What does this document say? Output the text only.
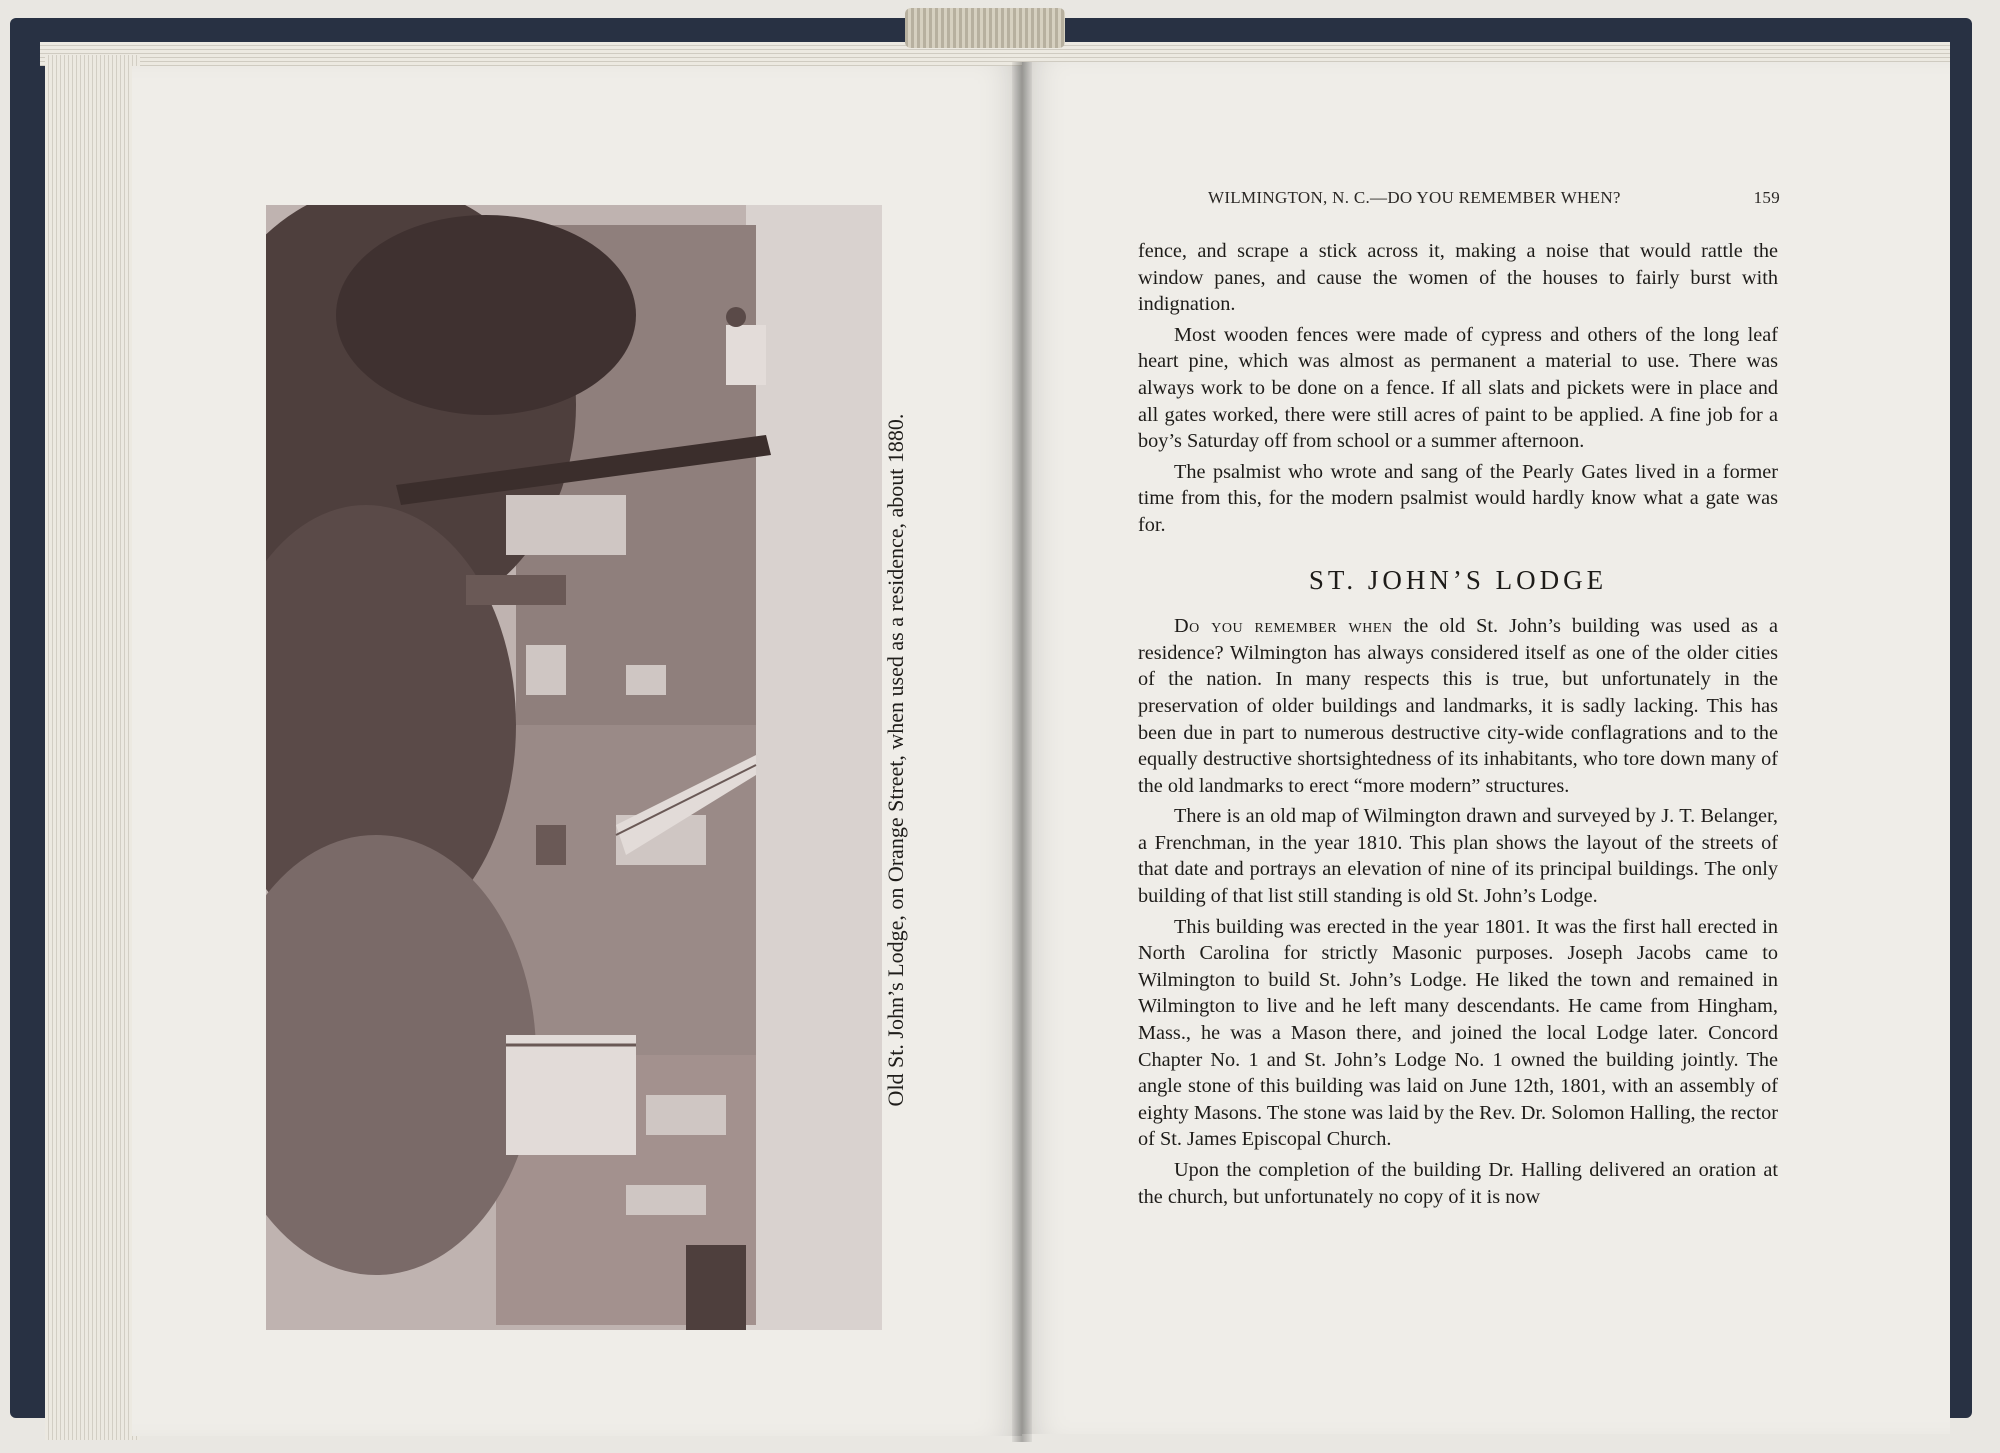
Old St. John’s Lodge, on Orange Street, when used as a residence, about 1880.
WILMINGTON, N. C.—DO YOU REMEMBER WHEN?	159

fence, and scrape a stick across it, making a noise that would rattle the window panes, and cause the women of the houses to fairly burst with indignation.

Most wooden fences were made of cypress and others of the long leaf heart pine, which was almost as permanent a material to use. There was always work to be done on a fence. If all slats and pickets were in place and all gates worked, there were still acres of paint to be applied. A fine job for a boy’s Saturday off from school or a summer afternoon.

The psalmist who wrote and sang of the Pearly Gates lived in a former time from this, for the modern psalmist would hardly know what a gate was for.

ST. JOHN’S LODGE

Do you remember when the old St. John’s building was used as a residence? Wilmington has always considered itself as one of the older cities of the nation. In many respects this is true, but unfortunately in the preservation of older buildings and landmarks, it is sadly lacking. This has been due in part to numerous destructive city-wide conflagrations and to the equally destructive shortsightedness of its inhabitants, who tore down many of the old landmarks to erect “more modern” structures.

There is an old map of Wilmington drawn and surveyed by J. T. Belanger, a Frenchman, in the year 1810. This plan shows the layout of the streets of that date and portrays an elevation of nine of its principal buildings. The only building of that list still standing is old St. John’s Lodge.

This building was erected in the year 1801. It was the first hall erected in North Carolina for strictly Masonic purposes. Joseph Jacobs came to Wilmington to build St. John’s Lodge. He liked the town and remained in Wilmington to live and he left many descendants. He came from Hingham, Mass., he was a Mason there, and joined the local Lodge later. Concord Chapter No. 1 and St. John’s Lodge No. 1 owned the building jointly. The angle stone of this building was laid on June 12th, 1801, with an assembly of eighty Masons. The stone was laid by the Rev. Dr. Solomon Halling, the rector of St. James Episcopal Church.

Upon the completion of the building Dr. Halling delivered an oration at the church, but unfortunately no copy of it is now
